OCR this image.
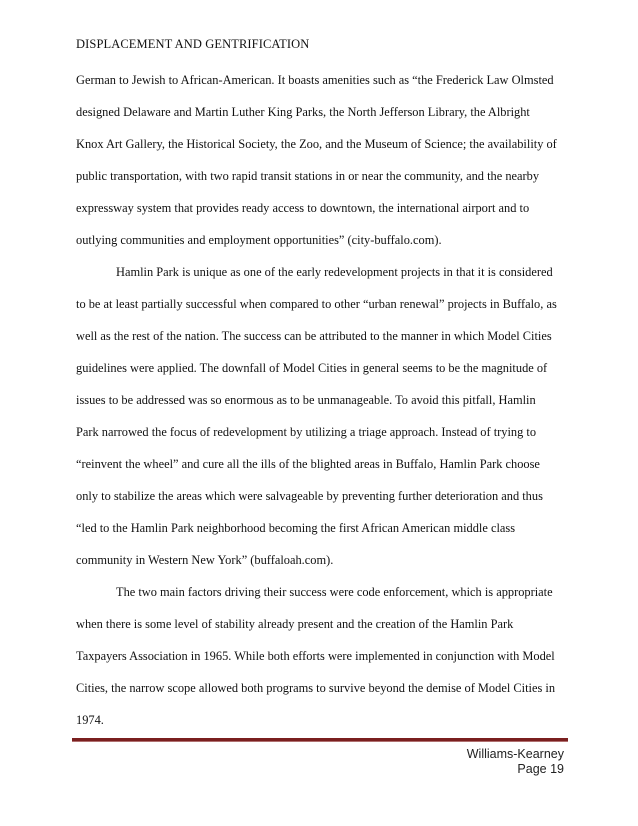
DISPLACEMENT AND GENTRIFICATION
German to Jewish to African-American. It boasts amenities such as “the Frederick Law Olmsted
designed Delaware and Martin Luther King Parks, the North Jefferson Library, the Albright
Knox Art Gallery, the Historical Society, the Zoo, and the Museum of Science; the availability of
public transportation, with two rapid transit stations in or near the community, and the nearby
expressway system that provides ready access to downtown, the international airport and to
outlying communities and employment opportunities” (city-buffalo.com).
Hamlin Park is unique as one of the early redevelopment projects in that it is considered
to be at least partially successful when compared to other “urban renewal” projects in Buffalo, as
well as the rest of the nation. The success can be attributed to the manner in which Model Cities
guidelines were applied. The downfall of Model Cities in general seems to be the magnitude of
issues to be addressed was so enormous as to be unmanageable. To avoid this pitfall, Hamlin
Park narrowed the focus of redevelopment by utilizing a triage approach. Instead of trying to
“reinvent the wheel” and cure all the ills of the blighted areas in Buffalo, Hamlin Park choose
only to stabilize the areas which were salvageable by preventing further deterioration and thus
“led to the Hamlin Park neighborhood becoming the first African American middle class
community in Western New York” (buffaloah.com).
The two main factors driving their success were code enforcement, which is appropriate
when there is some level of stability already present and the creation of the Hamlin Park
Taxpayers Association in 1965. While both efforts were implemented in conjunction with Model
Cities, the narrow scope allowed both programs to survive beyond the demise of Model Cities in
1974.
Williams-Kearney
Page 19
